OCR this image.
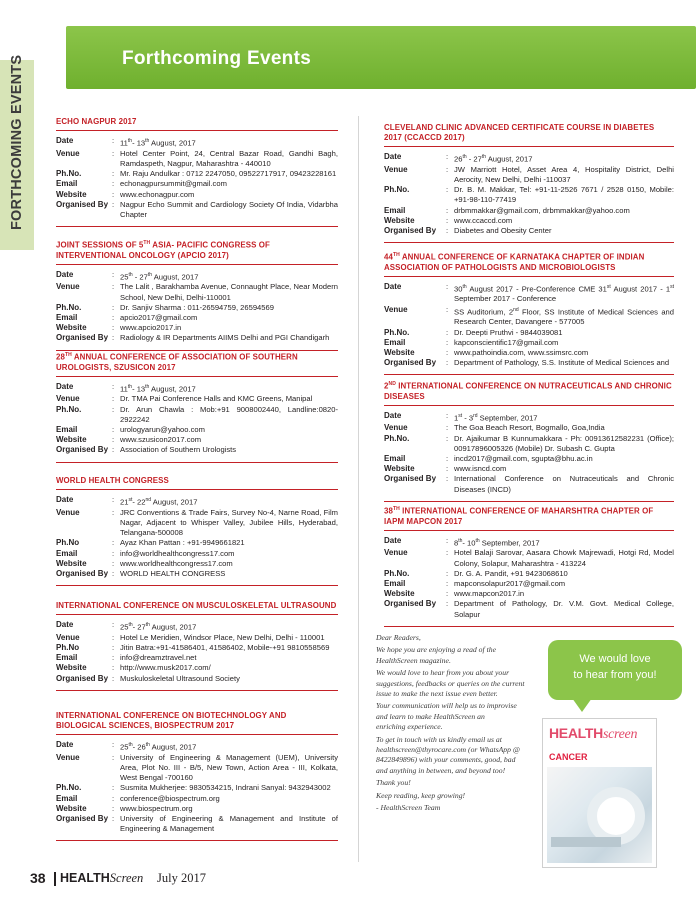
FORTHCOMING EVENTS	Forthcoming Events
ECHO NAGPUR 2017
Date	: 11th- 13th August, 2017
Venue	: Hotel Center Point, 24, Central Bazar Road, Gandhi Bagh, Ramdaspeth, Nagpur, Maharashtra - 440010
Ph.No.	: Mr. Raju Andulkar : 0712 2247050, 09522717917, 09423228161
Email	: echonagpursummit@gmail.com
Website	: www.echonagpur.com
Organised By : Nagpur Echo Summit and Cardiology Society Of India, Vidarbha Chapter
JOINT SESSIONS OF 5TH ASIA- PACIFIC CONGRESS OF INTERVENTIONAL ONCOLOGY (APCIO 2017)
Date	: 25th - 27th August, 2017
Venue	: The Lalit , Barakhamba Avenue, Connaught Place, Near Modern School, New Delhi, Delhi-110001
Ph.No.	: Dr. Sanjiv Sharma : 011-26594759, 26594569
Email	: apcio2017@gmail.com
Website	: www.apcio2017.in
Organised By : Radiology & IR Departments AIIMS Delhi and PGI Chandigarh
28TH ANNUAL CONFERENCE OF ASSOCIATION OF SOUTHERN UROLOGISTS, SZUSICON 2017
Date	: 11th- 13th August, 2017
Venue	: Dr. TMA Pai Conference Halls and KMC Greens, Manipal
Ph.No.	: Dr. Arun Chawla : Mob:+91 9008002440, Landline:0820-2922242
Email	: urologyarun@yahoo.com
Website	: www.szusicon2017.com
Organised By : Association of Southern Urologists
WORLD HEALTH CONGRESS
Date	: 21st- 22nd August, 2017
Venue	: JRC Conventions & Trade Fairs, Survey No-4, Narne Road, Film Nagar, Adjacent to Whisper Valley, Jubilee Hills, Hyderabad, Telangana-500008
Ph.No	: Ayaz Khan Pattan : +91-9949661821
Email	: info@worldhealthcongress17.com
Website	: www.worldhealthcongress17.com
Organised By : WORLD HEALTH CONGRESS
INTERNATIONAL CONFERENCE ON MUSCULOSKELETAL ULTRASOUND
Date	: 25th- 27th August, 2017
Venue	: Hotel Le Meridien, Windsor Place, New Delhi, Delhi - 110001
Ph.No	: Jitin Batra:+91-41586401, 41586402, Mobile-+91 9810558569
Email	: info@dreamztravel.net
Website	: http://www.musk2017.com/
Organised By : Muskuloskeletal Ultrasound Society
INTERNATIONAL CONFERENCE ON BIOTECHNOLOGY AND BIOLOGICAL SCIENCES, BIOSPECTRUM 2017
Date	: 25th- 26th August, 2017
Venue	: University of Engineering & Management (UEM), University Area, Plot No. III - B/5, New Town, Action Area - III, Kolkata, West Bengal -700160
Ph.No.	: Susmita Mukherjee: 9830534215, Indrani Sanyal: 9432943002
Email	: conference@biospectrum.org
Website	: www.biospectrum.org
Organised By : University of Engineering & Management and Institute of Engineering & Management
CLEVELAND CLINIC ADVANCED CERTIFICATE COURSE IN DIABETES 2017 (CCACCD 2017)
Date	: 26th - 27th August, 2017
Venue	: JW Marriott Hotel, Asset Area 4, Hospitality District, Delhi Aerocity, New Delhi, Delhi -110037
Ph.No.	: Dr. B. M. Makkar, Tel: +91-11-2526 7671 / 2528 0150, Mobile: +91-98-110-77419
Email	: drbmmakkar@gmail.com, drbmmakkar@yahoo.com
Website	: www.ccaccd.com
Organised By	: Diabetes and Obesity Center
44TH ANNUAL CONFERENCE OF KARNATAKA CHAPTER OF INDIAN ASSOCIATION OF PATHOLOGISTS AND MICROBIOLOGISTS
Date	: 30th August 2017 - Pre-Conference CME 31st August 2017 - 1st September 2017 - Conference
Venue	: SS Auditorium, 2nd Floor, SS Institute of Medical Sciences and Research Center, Davangere - 577005
Ph.No.	: Dr. Deepti Pruthvi - 9844039081
Email	: kapconscientific17@gmail.com
Website	: www.pathoindia.com, www.ssimsrc.com
Organised By	: Department of Pathology, S.S. Institute of Medical Sciences and
2ND INTERNATIONAL CONFERENCE ON NUTRACEUTICALS AND CHRONIC DISEASES
Date	: 1st - 3rd September, 2017
Venue	: The Goa Beach Resort, Bogmallo, Goa,India
Ph.No.	: Dr. Ajaikumar B Kunnumakkara - Ph: 00913612582231 (Office); 00917896005326 (Mobile) Dr. Subash C. Gupta
Email	: incd2017@gmail.com, sgupta@bhu.ac.in
Website	: www.isncd.com
Organised By	: International Conference on Nutraceuticals and Chronic Diseases (INCD)
38TH INTERNATIONAL CONFERENCE OF MAHARSHTRA CHAPTER OF IAPM MAPCON 2017
Date	: 8th- 10th September, 2017
Venue	: Hotel Balaji Sarovar, Aasara Chowk Majrewadi, Hotgi Rd, Model Colony, Solapur, Maharashtra - 413224
Ph.No.	: Dr. G. A. Pandit, +91 9423068610
Email	: mapconsolapur2017@gmail.com
Website	: www.mapcon2017.in
Organised By	: Department of Pathology, Dr. V.M. Govt. Medical College, Solapur

Dear Readers,

We hope you are enjoying a read of the HealthScreen magazine.

We would love to hear from you about your suggestions, feedbacks or queries on the current issue to make the next issue even better.

Your communication will help us to improvise and learn to make HealthScreen an

enriching experience.

To get in touch with us kindly email us at healthscreen@thyrocare.com (or WhatsApp @ 8422849896) with your comments, good, bad and anything in between, and beyond too!

Thank you!

Keep reading, keep growing!

- HealthScreen Team

We would love
to hear from you!
HEALTHscreen
CANCER
38 HEALTHScreen July 2017
